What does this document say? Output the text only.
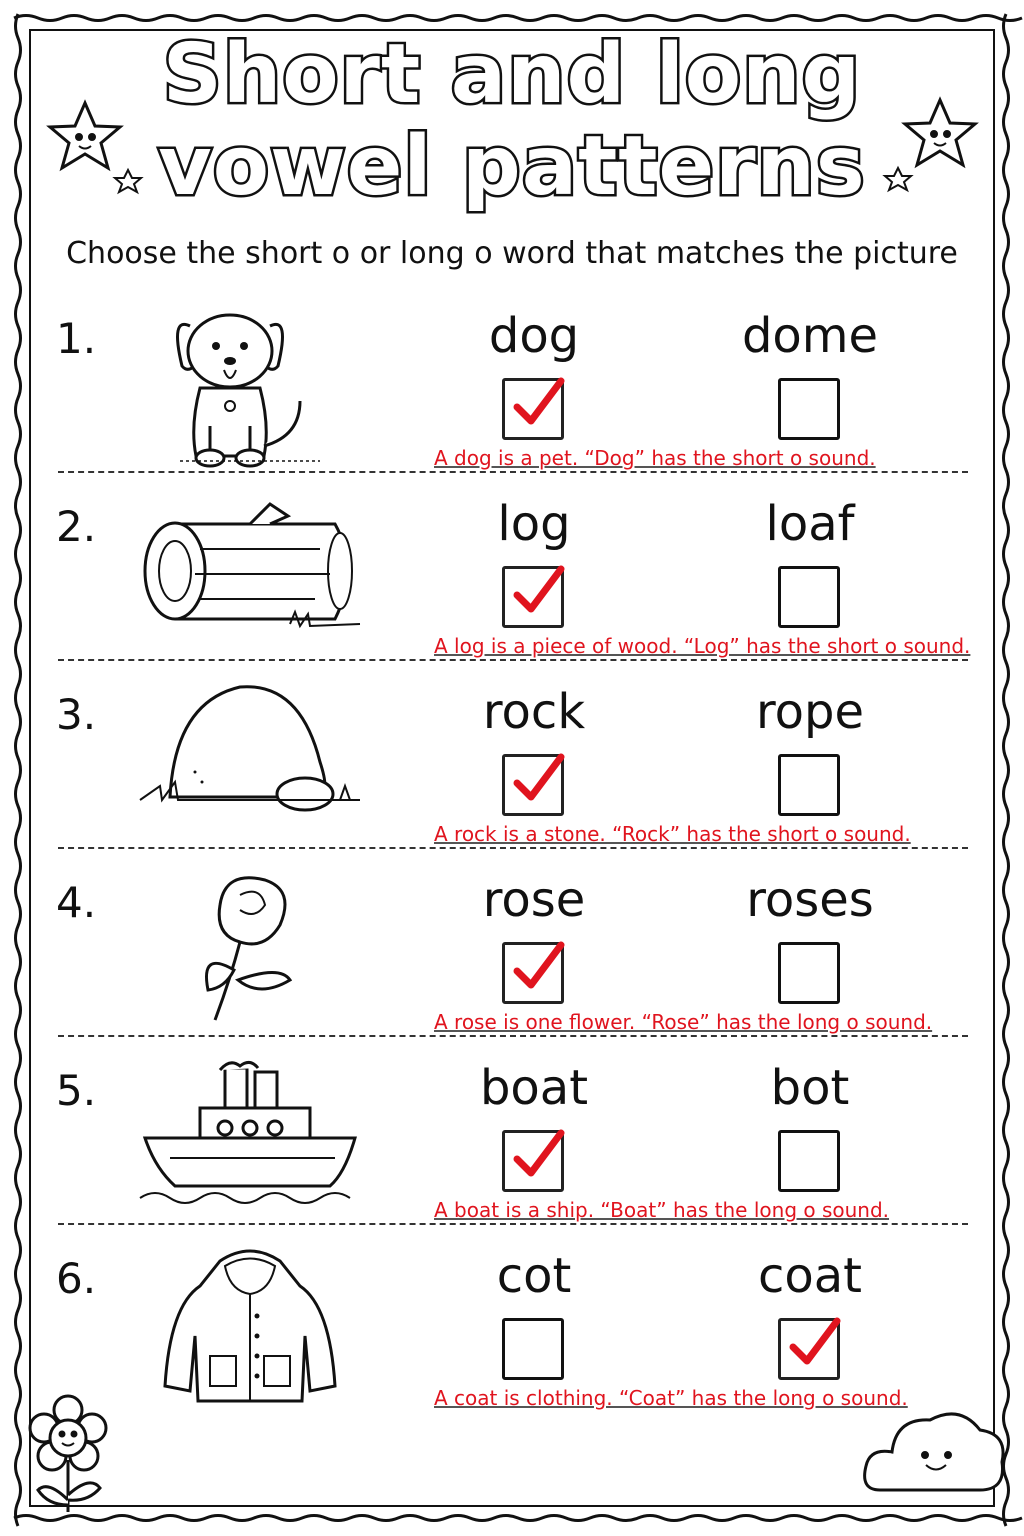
Short and long
vowel patterns
Choose the short o or long o word that matches the picture
1.	dog	dome
A dog is a pet. “Dog” has the short o sound.
2.	log	loaf
A log is a piece of wood. “Log” has the short o sound.
3.	rock	rope
A rock is a stone. “Rock” has the short o sound.
4.	rose	roses
A rose is one flower. “Rose” has the long o sound.
5.	boat	bot
A boat is a ship. “Boat” has the long o sound.
6.	cot	coat
A coat is clothing. “Coat” has the long o sound.
